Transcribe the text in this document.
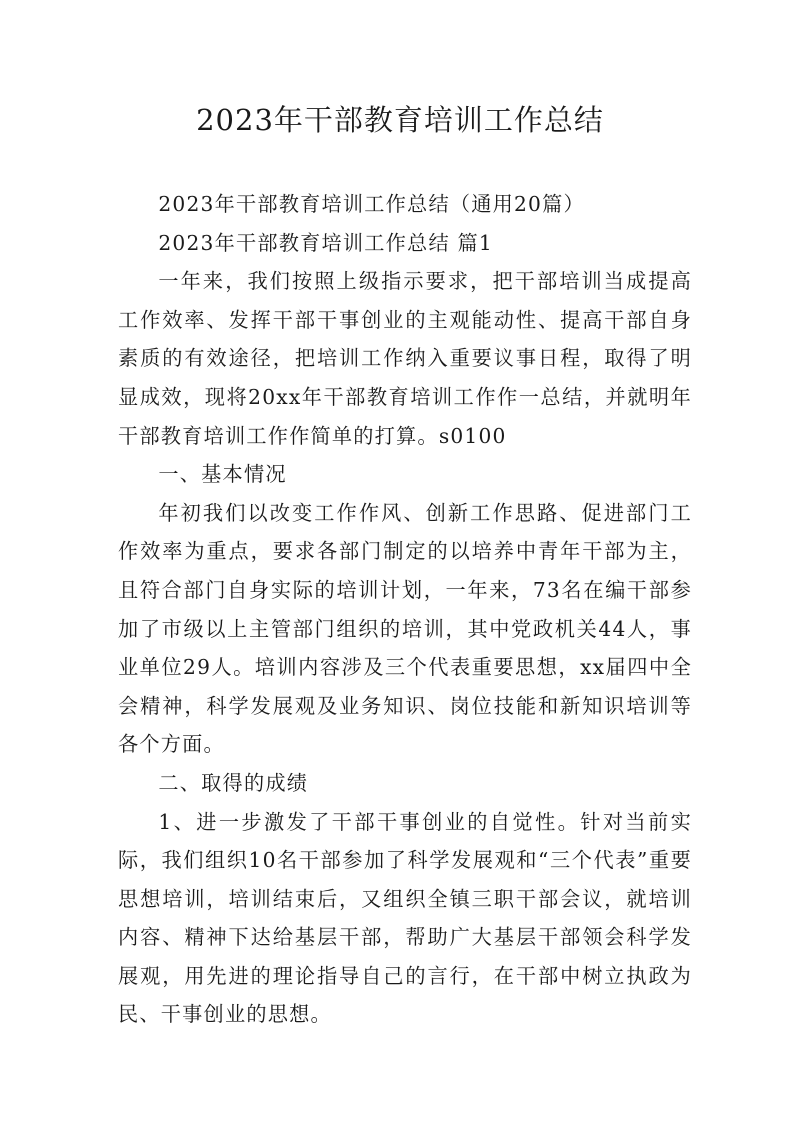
2023年干部教育培训工作总结

2023年干部教育培训工作总结（通用20篇）

2023年干部教育培训工作总结 篇1

一年来，我们按照上级指示要求，把干部培训当成提高工作效率、发挥干部干事创业的主观能动性、提高干部自身素质的有效途径，把培训工作纳入重要议事日程，取得了明显成效，现将20xx年干部教育培训工作作一总结，并就明年干部教育培训工作作简单的打算。s0100

一、基本情况

年初我们以改变工作作风、创新工作思路、促进部门工作效率为重点，要求各部门制定的以培养中青年干部为主，且符合部门自身实际的培训计划，一年来，73名在编干部参加了市级以上主管部门组织的培训，其中党政机关44人，事业单位29人。培训内容涉及三个代表重要思想，xx届四中全会精神，科学发展观及业务知识、岗位技能和新知识培训等各个方面。

二、取得的成绩

1、进一步激发了干部干事创业的自觉性。针对当前实际，我们组织10名干部参加了科学发展观和“三个代表”重要思想培训，培训结束后，又组织全镇三职干部会议，就培训内容、精神下达给基层干部，帮助广大基层干部领会科学发展观，用先进的理论指导自己的言行，在干部中树立执政为民、干事创业的思想。
